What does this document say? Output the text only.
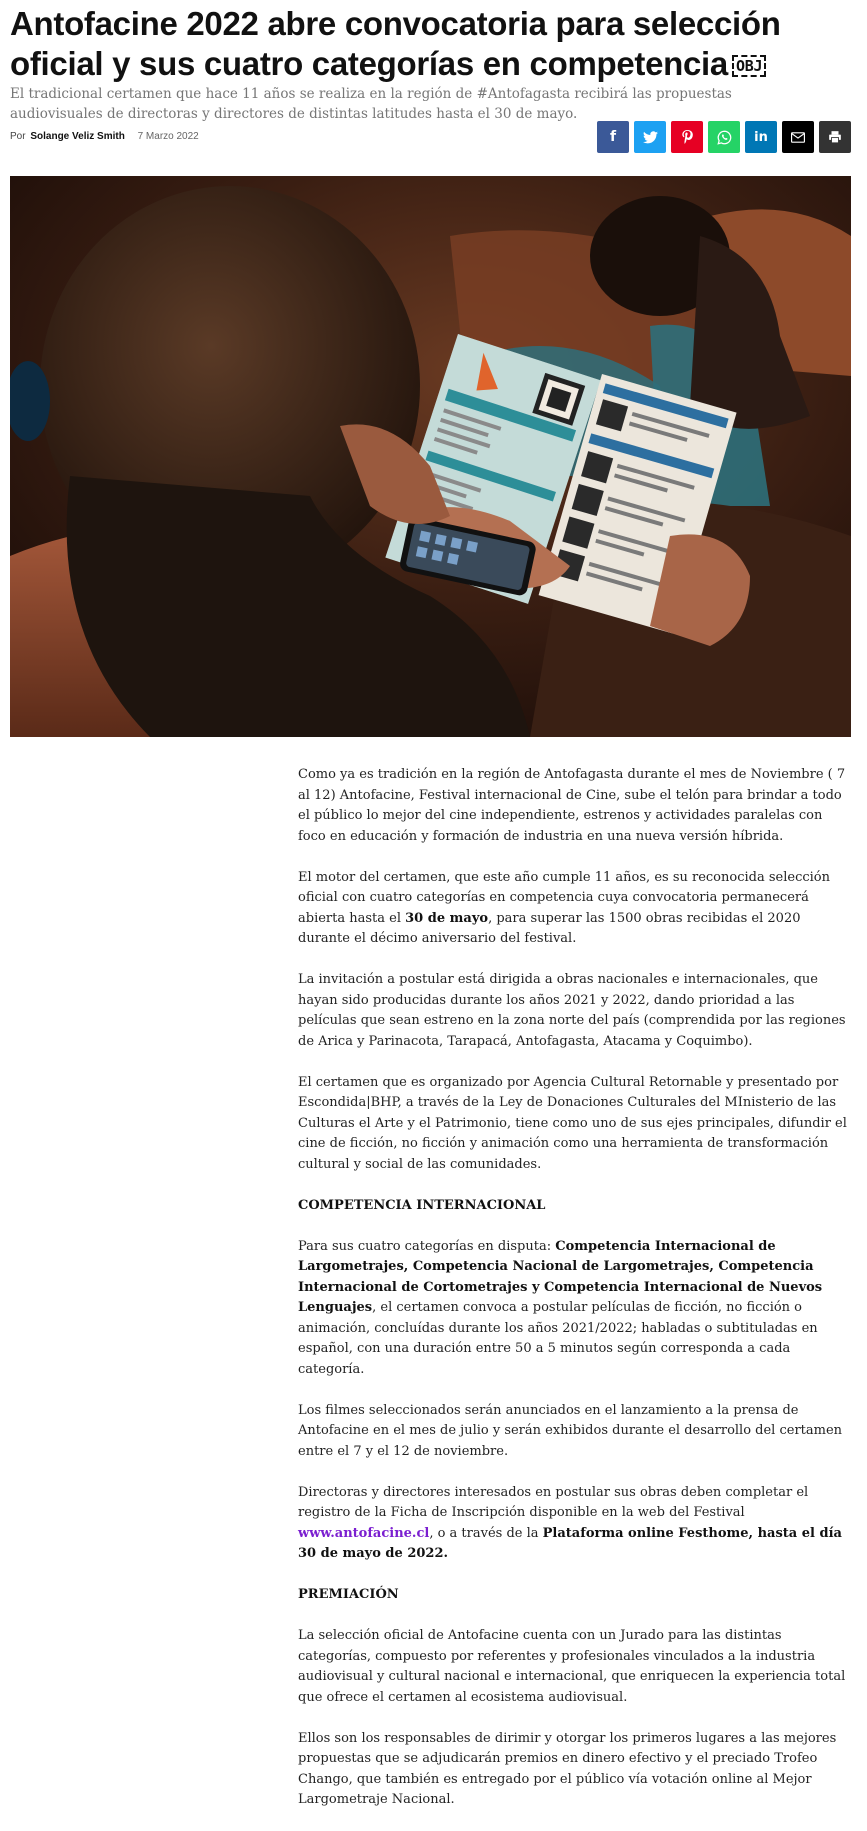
Antofacine 2022 abre convocatoria para selección oficial y sus cuatro categorías en competencia OBJ

El tradicional certamen que hace 11 años se realiza en la región de #Antofagasta recibirá las propuestas audiovisuales de directoras y directores de distintas latitudes hasta el 30 de mayo.

Por Solange Veliz Smith 7 Marzo 2022	f	in

Como ya es tradición en la región de Antofagasta durante el mes de Noviembre ( 7 al 12) Antofacine, Festival internacional de Cine, sube el telón para brindar a todo el público lo mejor del cine independiente, estrenos y actividades paralelas con foco en educación y formación de industria en una nueva versión híbrida.

El motor del certamen, que este año cumple 11 años, es su reconocida selección oficial con cuatro categorías en competencia cuya convocatoria permanecerá abierta hasta el 30 de mayo, para superar las 1500 obras recibidas el 2020 durante el décimo aniversario del festival.

La invitación a postular está dirigida a obras nacionales e internacionales, que hayan sido producidas durante los años 2021 y 2022, dando prioridad a las películas que sean estreno en la zona norte del país (comprendida por las regiones de Arica y Parinacota, Tarapacá, Antofagasta, Atacama y Coquimbo).

El certamen que es organizado por Agencia Cultural Retornable y presentado por Escondida|BHP, a través de la Ley de Donaciones Culturales del MInisterio de las Culturas el Arte y el Patrimonio, tiene como uno de sus ejes principales, difundir el cine de ficción, no ficción y animación como una herramienta de transformación cultural y social de las comunidades.

COMPETENCIA INTERNACIONAL

Para sus cuatro categorías en disputa: Competencia Internacional de Largometrajes, Competencia Nacional de Largometrajes, Competencia Internacional de Cortometrajes y Competencia Internacional de Nuevos Lenguajes, el certamen convoca a postular películas de ficción, no ficción o animación, concluídas durante los años 2021/2022; habladas o subtituladas en español, con una duración entre 50 a 5 minutos según corresponda a cada categoría.

Los filmes seleccionados serán anunciados en el lanzamiento a la prensa de Antofacine en el mes de julio y serán exhibidos durante el desarrollo del certamen entre el 7 y el 12 de noviembre.

Directoras y directores interesados en postular sus obras deben completar el registro de la Ficha de Inscripción disponible en la web del Festival www.antofacine.cl, o a través de la Plataforma online Festhome, hasta el día 30 de mayo de 2022.

PREMIACIÓN

La selección oficial de Antofacine cuenta con un Jurado para las distintas categorías, compuesto por referentes y profesionales vinculados a la industria audiovisual y cultural nacional e internacional, que enriquecen la experiencia total que ofrece el certamen al ecosistema audiovisual.

Ellos son los responsables de dirimir y otorgar los primeros lugares a las mejores propuestas que se adjudicarán premios en dinero efectivo y el preciado Trofeo Chango, que también es entregado por el público vía votación online al Mejor Largometraje Nacional.
